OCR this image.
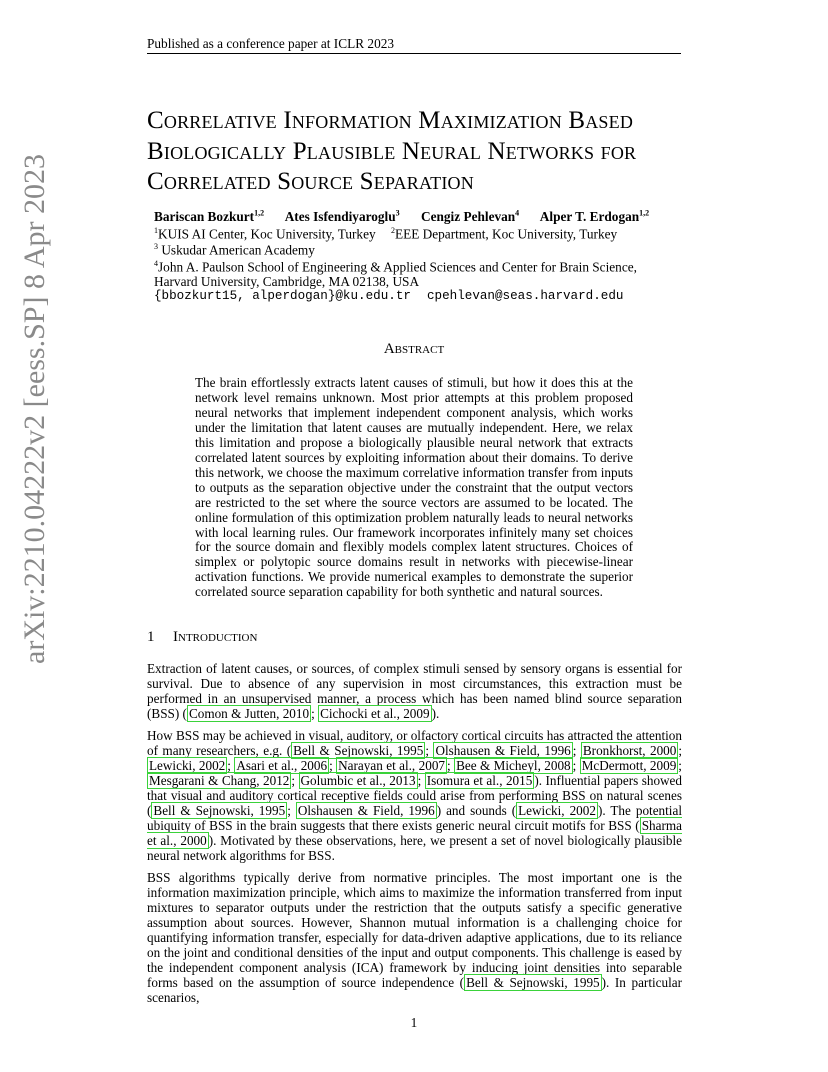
Published as a conference paper at ICLR 2023
arXiv:2210.04222v2 [eess.SP] 8 Apr 2023
Correlative Information Maximization Based
Biologically Plausible Neural Networks for
Correlated Source Separation
Bariscan Bozkurt$^{1,2}$ Ates Isfendiyaroglu$^3$ Cengiz Pehlevan$^4$ Alper T. Erdogan$^{1,2}$
$^1$KUIS AI Center, Koc University, Turkey $^2$EEE Department, Koc University, Turkey
$^3$ Uskudar American Academy
$^4$John A. Paulson School of Engineering & Applied Sciences and Center for Brain Science,
Harvard University, Cambridge, MA 02138, USA
{bbozkurt15, alperdogan}@ku.edu.tr cpehlevan@seas.harvard.edu
Abstract

The brain effortlessly extracts latent causes of stimuli, but how it does this at the network level remains unknown. Most prior attempts at this problem proposed neural networks that implement independent component analysis, which works under the limitation that latent causes are mutually independent. Here, we relax this limitation and propose a biologically plausible neural network that extracts correlated latent sources by exploiting information about their domains. To derive this network, we choose the maximum correlative information transfer from inputs to outputs as the separation objective under the constraint that the output vectors are restricted to the set where the source vectors are assumed to be located. The online formulation of this optimization problem naturally leads to neural networks with local learning rules. Our framework incorporates infinitely many set choices for the source domain and flexibly models complex latent structures. Choices of simplex or polytopic source domains result in networks with piecewise-linear activation functions. We provide numerical examples to demonstrate the superior correlated source separation capability for both synthetic and natural sources.

1 Introduction

Extraction of latent causes, or sources, of complex stimuli sensed by sensory organs is essential for survival. Due to absence of any supervision in most circumstances, this extraction must be performed in an unsupervised manner, a process which has been named blind source separation (BSS) ( Comon & Jutten, 2010 ; Cichocki et al., 2009 ).

How BSS may be achieved in visual, auditory, or olfactory cortical circuits has attracted the attention of many researchers, e.g. ( Bell & Sejnowski, 1995 ; Olshausen & Field, 1996 ; Bronkhorst, 2000 ; Lewicki, 2002 ; Asari et al., 2006 ; Narayan et al., 2007 ; Bee & Micheyl, 2008 ; McDermott, 2009 ; Mesgarani & Chang, 2012 ; Golumbic et al., 2013 ; Isomura et al., 2015 ). Influential papers showed that visual and auditory cortical receptive fields could arise from performing BSS on natural scenes ( Bell & Sejnowski, 1995 ; Olshausen & Field, 1996 ) and sounds ( Lewicki, 2002 ). The potential ubiquity of BSS in the brain suggests that there exists generic neural circuit motifs for BSS ( Sharma et al., 2000 ). Motivated by these observations, here, we present a set of novel biologically plausible neural network algorithms for BSS.

BSS algorithms typically derive from normative principles. The most important one is the information maximization principle, which aims to maximize the information transferred from input mixtures to separator outputs under the restriction that the outputs satisfy a specific generative assumption about sources. However, Shannon mutual information is a challenging choice for quantifying information transfer, especially for data-driven adaptive applications, due to its reliance on the joint and conditional densities of the input and output components. This challenge is eased by the independent component analysis (ICA) framework by inducing joint densities into separable forms based on the assumption of source independence ( Bell & Sejnowski, 1995 ). In particular scenarios,

1
